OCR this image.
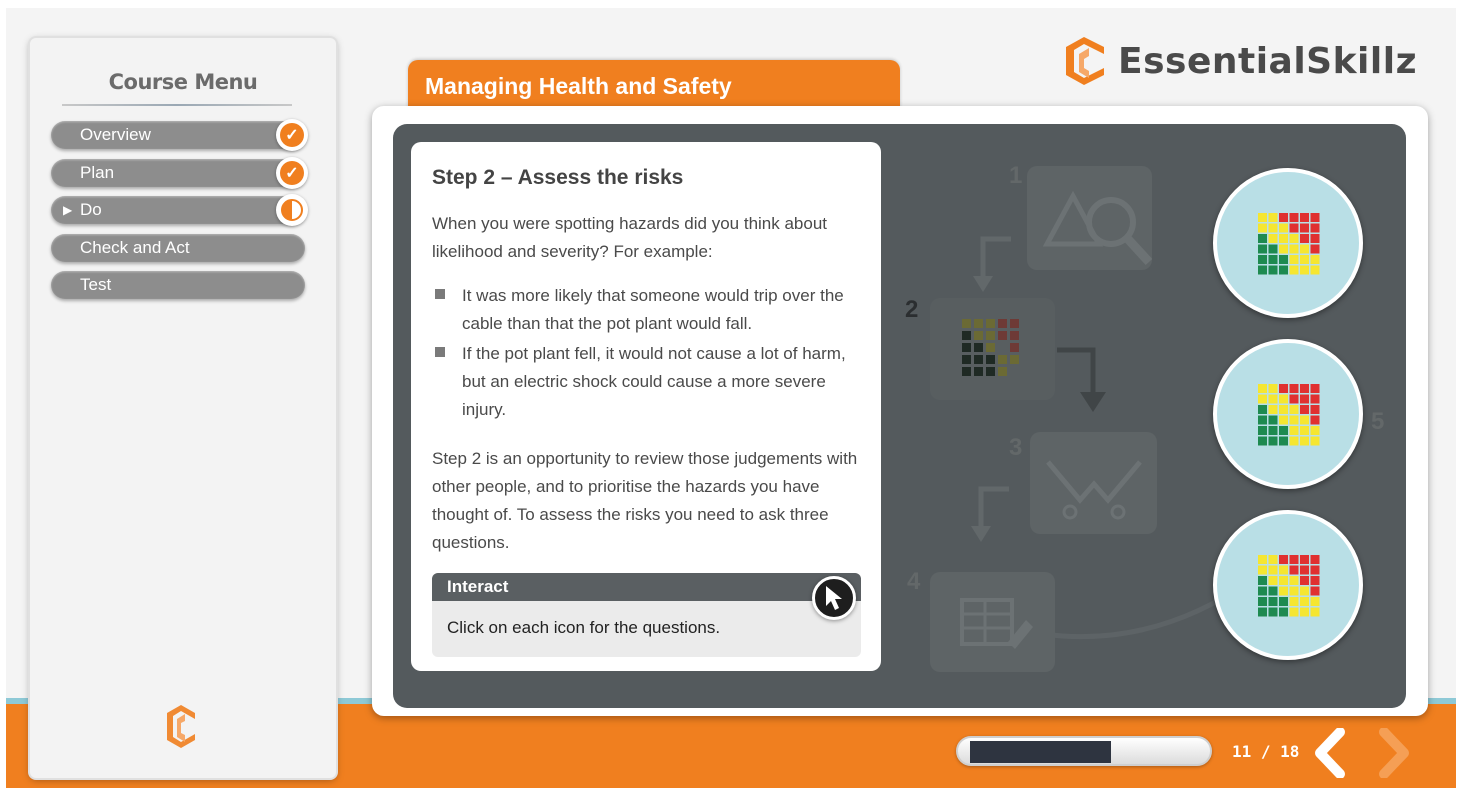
Course Menu
Overview	✓
Plan	✓
▶ Do
Check and Act
Test
EssentialSkillz
Managing Health and Safety
1
2
3
4
5
Step 2 – Assess the risks
When you were spotting hazards did you think about likelihood and severity? For example:
It was more likely that someone would trip over the cable than that the pot plant would fall.
If the pot plant fell, it would not cause a lot of harm, but an electric shock could cause a more severe injury.
Step 2 is an opportunity to review those judgements with other people, and to prioritise the hazards you have thought of. To assess the risks you need to ask three questions.
Interact
Click on each icon for the questions.
11 / 18
